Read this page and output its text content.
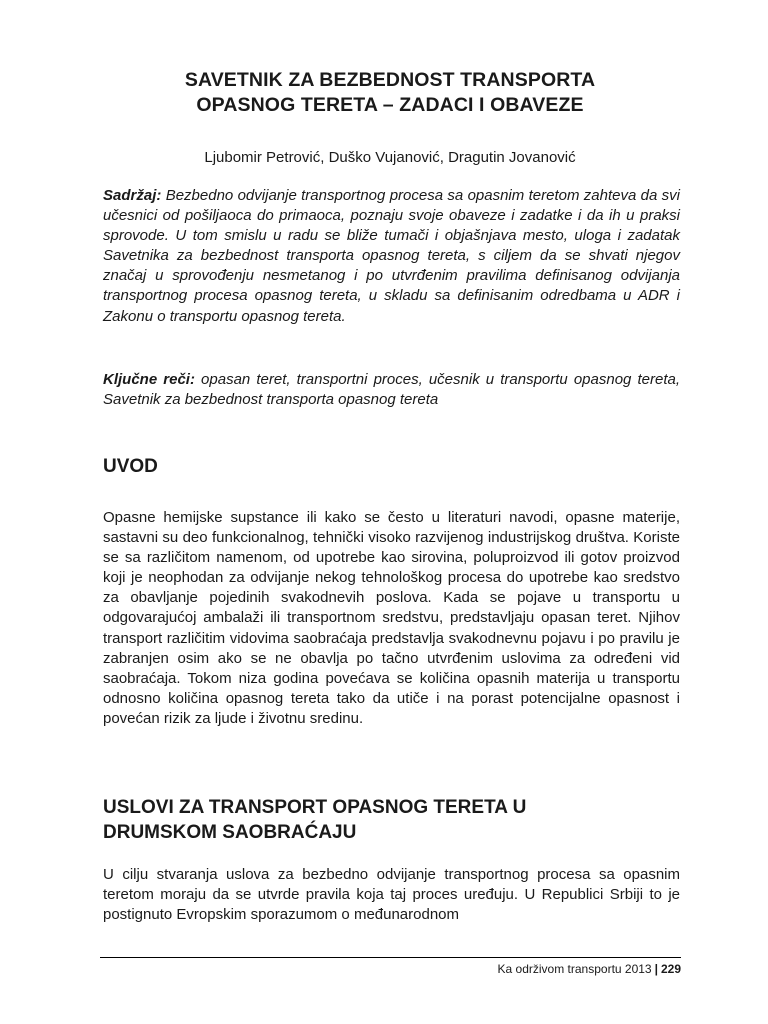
SAVETNIK ZA BEZBEDNOST TRANSPORTA
OPASNOG TERETA – ZADACI I OBAVEZE

Ljubomir Petrović, Duško Vujanović, Dragutin Jovanović

Sadržaj: Bezbedno odvijanje transportnog procesa sa opasnim teretom zahteva da svi učesnici od pošiljaoca do primaoca, poznaju svoje obaveze i zadatke i da ih u praksi sprovode. U tom smislu u radu se bliže tumači i objašnjava mesto, uloga i zadatak Savetnika za bezbednost transporta opasnog tereta, s ciljem da se shvati njegov značaj u sprovođenju nesmetanog i po utvrđenim pravilima definisanog odvijanja transportnog procesa opasnog tereta, u skladu sa definisanim odredbama u ADR i Zakonu o transportu opasnog tereta.

Ključne reči: opasan teret, transportni proces, učesnik u transportu opasnog tereta, Savetnik za bezbednost transporta opasnog tereta

UVOD

Opasne hemijske supstance ili kako se često u literaturi navodi, opasne materije, sastavni su deo funkcionalnog, tehnički visoko razvijenog industrijskog društva. Koriste se sa različitom namenom, od upotrebe kao sirovina, poluproizvod ili gotov proizvod koji je neophodan za odvijanje nekog tehnološkog procesa do upotrebe kao sredstvo za obavljanje pojedinih svakodnevih poslova. Kada se pojave u transportu u odgovarajućoj ambalaži ili transportnom sredstvu, predstavljaju opasan teret. Njihov transport različitim vidovima saobraćaja predstavlja svakodnevnu pojavu i po pravilu je zabranjen osim ako se ne obavlja po tačno utvrđenim uslovima za određeni vid saobraćaja. Tokom niza godina povećava se količina opasnih materija u transportu odnosno količina opasnog tereta tako da utiče i na porast potencijalne opasnost i povećan rizik za ljude i životnu sredinu.

USLOVI ZA TRANSPORT OPASNOG TERETA U
DRUMSKOM SAOBRAĆAJU

U cilju stvaranja uslova za bezbedno odvijanje transportnog procesa sa opasnim teretom moraju da se utvrde pravila koja taj proces uređuju. U Republici Srbiji to je postignuto Evropskim sporazumom o međunarodnom

Ka održivom transportu 2013 | 229
